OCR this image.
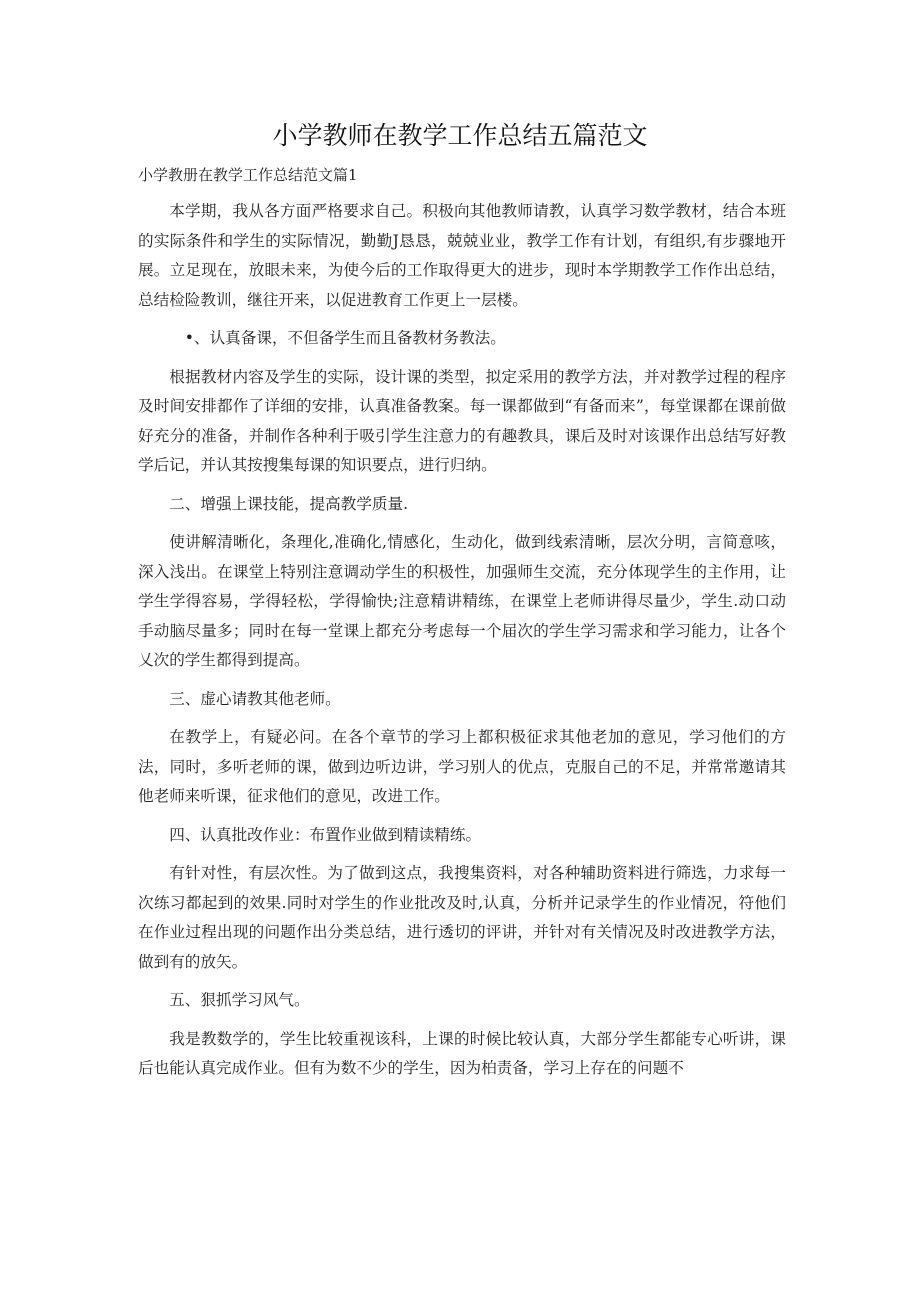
小学教师在教学工作总结五篇范文

小学教册在教学工作总结范文篇1

本学期，我从各方面严格要求自己。积极向其他教师请教，认真学习数学教材，结合本班的实际条件和学生的实际情况，勤勤J恳恳，兢兢业业，教学工作有计划，有组织,有步骤地开展。立足现在，放眼未来，为使今后的工作取得更大的进步，现时本学期教学工作作出总结，总结检险教训，继往开来，以促进教育工作更上一层楼。

•、认真备课，不但备学生而且备教材务教法。

根据教材内容及学生的实际，设计课的类型，拟定采用的教学方法，并对教学过程的程序及时间安排都作了详细的安排，认真准备教案。每一课都做到“有备而来”，每堂课都在课前做好充分的准备，并制作各种利于吸引学生注意力的有趣教具，课后及时对该课作出总结写好教学后记，并认其按搜集每课的知识要点，进行归纳。

二、增强上课技能，提高教学质量.

使讲解清晰化，条理化,准确化,情感化，生动化，做到线索清晰，层次分明，言简意咳，深入浅出。在课堂上特别注意调动学生的积极性，加强师生交流，充分体现学生的主作用，让学生学得容易，学得轻松，学得愉快;注意精讲精练，在课堂上老师讲得尽量少，学生.动口动手动脑尽量多；同时在每一堂课上都充分考虑每一个届次的学生学习需求和学习能力，让各个乂次的学生都得到提高。

三、虚心请教其他老师。

在教学上，有疑必问。在各个章节的学习上都积极征求其他老加的意见，学习他们的方法，同时，多听老师的课，做到边听边讲，学习别人的优点，克服自己的不足，并常常邀请其他老师来听课，征求他们的意见，改进工作。

四、认真批改作业：布置作业做到精读精练。

有针对性，有层次性。为了做到这点，我搜集资料，对各种辅助资料进行筛选，力求每一次练习都起到的效果.同时对学生的作业批改及时,认真，分析并记录学生的作业情况，符他们在作业过程出现的问题作出分类总结，进行透切的评讲，并针对有关情况及时改进教学方法，做到有的放矢。

五、狠抓学习风气。

我是教数学的，学生比较重视该科，上课的时候比较认真，大部分学生都能专心听讲，课后也能认真完成作业。但有为数不少的学生，因为柏责备，学习上存在的问题不
